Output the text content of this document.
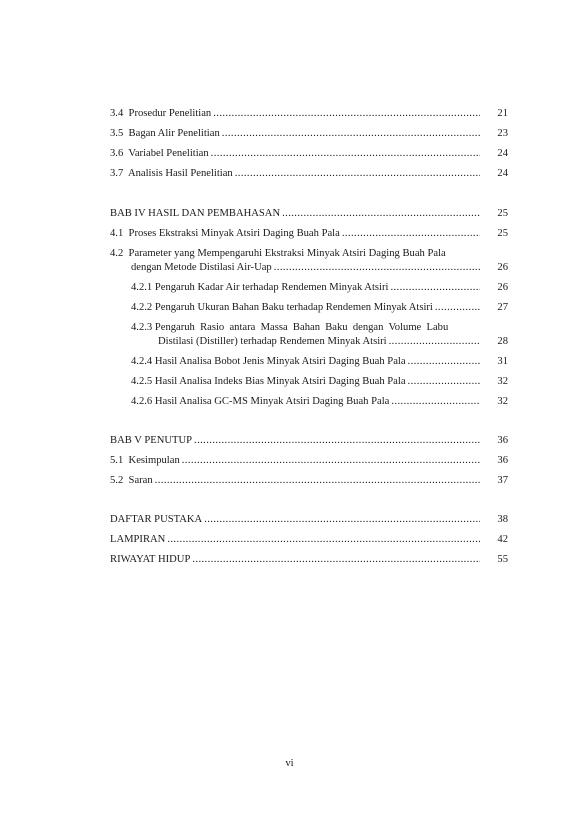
3.4 Prosedur Penelitian .....	21
3.5 Bagan Alir Penelitian .....	23
3.6 Variabel Penelitian .....	24
3.7 Analisis Hasil Penelitian .....	24
BAB IV HASIL DAN PEMBAHASAN .....	25
4.1 Proses Ekstraksi Minyak Atsiri Daging Buah Pala .....	25
4.2 Parameter yang Mempengaruhi Ekstraksi Minyak Atsiri Daging Buah Pala
dengan Metode Distilasi Air-Uap .....	26
4.2.1 Pengaruh Kadar Air terhadap Rendemen Minyak Atsiri .....	26
4.2.2 Pengaruh Ukuran Bahan Baku terhadap Rendemen Minyak Atsiri .....	27
4.2.3 Pengaruh Rasio antara Massa Bahan Baku dengan Volume Labu
Distilasi (Distiller) terhadap Rendemen Minyak Atsiri .....	28
4.2.4 Hasil Analisa Bobot Jenis Minyak Atsiri Daging Buah Pala .....	31
4.2.5 Hasil Analisa Indeks Bias Minyak Atsiri Daging Buah Pala .....	32
4.2.6 Hasil Analisa GC-MS Minyak Atsiri Daging Buah Pala .....	32
BAB V PENUTUP .....	36
5.1 Kesimpulan .....	36
5.2 Saran .....	37
DAFTAR PUSTAKA .....	38
LAMPIRAN .....	42
RIWAYAT HIDUP .....	55
vi
